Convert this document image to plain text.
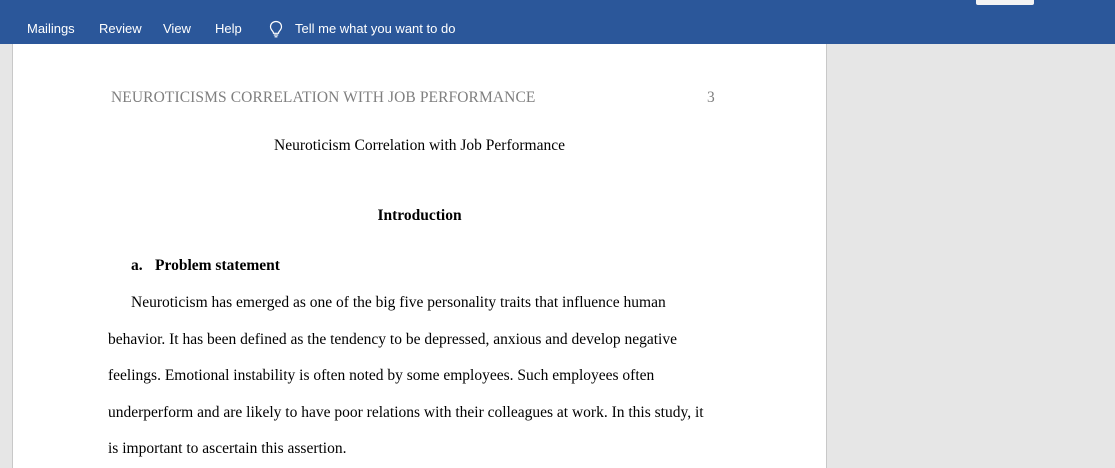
Mailings Review View Help	Tell me what you want to do
NEUROTICISMS CORRELATION WITH JOB PERFORMANCE	3
Neuroticism Correlation with Job Performance
Introduction
a. Problem statement
Neuroticism has emerged as one of the big five personality traits that influence human
behavior. It has been defined as the tendency to be depressed, anxious and develop negative
feelings. Emotional instability is often noted by some employees. Such employees often
underperform and are likely to have poor relations with their colleagues at work. In this study, it
is important to ascertain this assertion.
